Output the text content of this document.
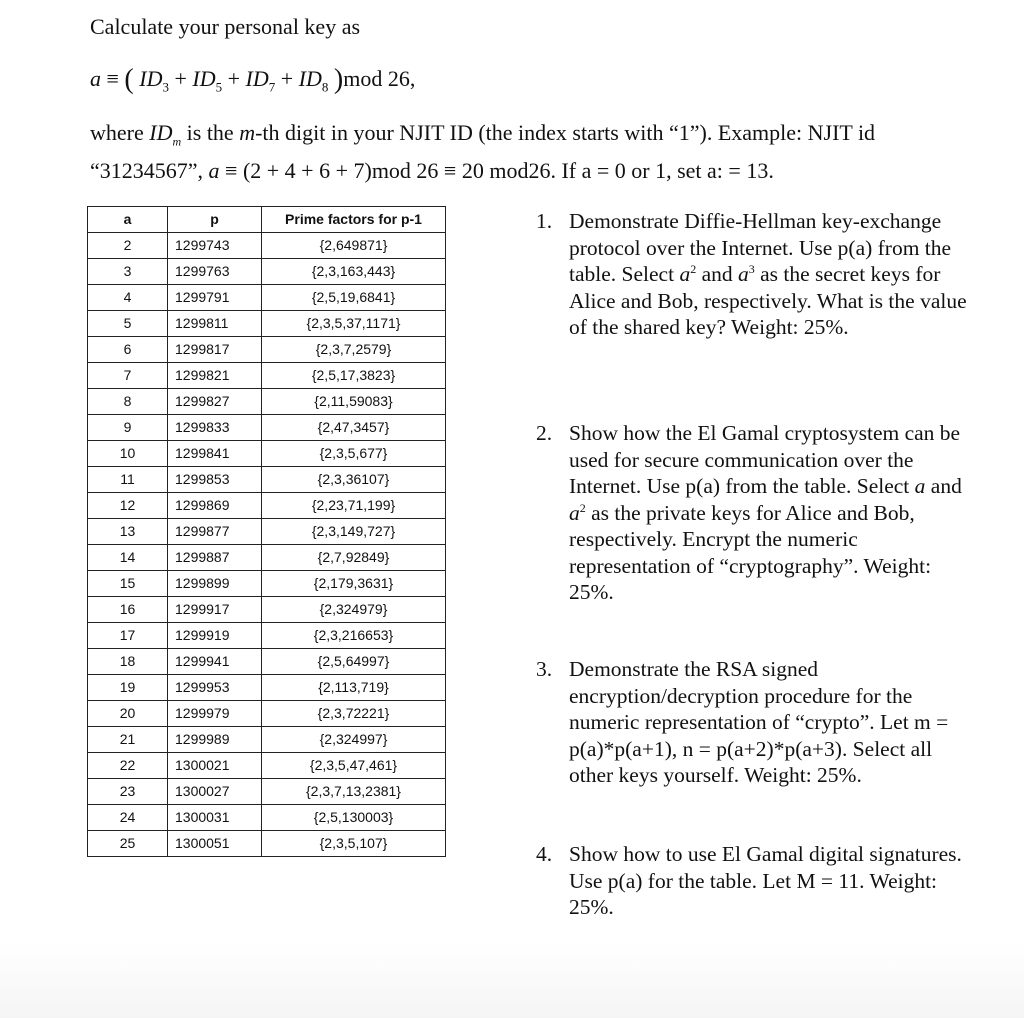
Calculate your personal key as
a ≡ ( $ID_3 + ID_5 + ID_7 + ID_8$ )mod 26,
where $ID_m$ is the m-th digit in your NJIT ID (the index starts with “1”). Example: NJIT id
“31234567”, a ≡ (2 + 4 + 6 + 7)mod 26 ≡ 20 mod26. If a = 0 or 1, set a: = 13.
a	p	Prime factors for p-1
2	1299743	{2,649871}
3	1299763	{2,3,163,443}
4	1299791	{2,5,19,6841}
5	1299811	{2,3,5,37,1171}
6	1299817	{2,3,7,2579}
7	1299821	{2,5,17,3823}
8	1299827	{2,11,59083}
9	1299833	{2,47,3457}
10	1299841	{2,3,5,677}
11	1299853	{2,3,36107}
12	1299869	{2,23,71,199}
13	1299877	{2,3,149,727}
14	1299887	{2,7,92849}
15	1299899	{2,179,3631}
16	1299917	{2,324979}
17	1299919	{2,3,216653}
18	1299941	{2,5,64997}
19	1299953	{2,113,719}
20	1299979	{2,3,72221}
21	1299989	{2,324997}
22	1300021	{2,3,5,47,461}
23	1300027	{2,3,7,13,2381}
24	1300031	{2,5,130003}
25	1300051	{2,3,5,107}
1. Demonstrate Diffie-Hellman key-exchange protocol over the Internet. Use p(a) from the table. Select $a^2$ and $a^3$ as the secret keys for Alice and Bob, respectively. What is the value of the shared key? Weight: 25%.
2. Show how the El Gamal cryptosystem can be used for secure communication over the Internet. Use p(a) from the table. Select a and $a^2$ as the private keys for Alice and Bob, respectively. Encrypt the numeric representation of “cryptography”. Weight: 25%.
3. Demonstrate the RSA signed encryption/decryption procedure for the numeric representation of “crypto”. Let m = p(a)*p(a+1), n = p(a+2)*p(a+3). Select all other keys yourself. Weight: 25%.
4. Show how to use El Gamal digital signatures. Use p(a) for the table. Let M = 11. Weight: 25%.
